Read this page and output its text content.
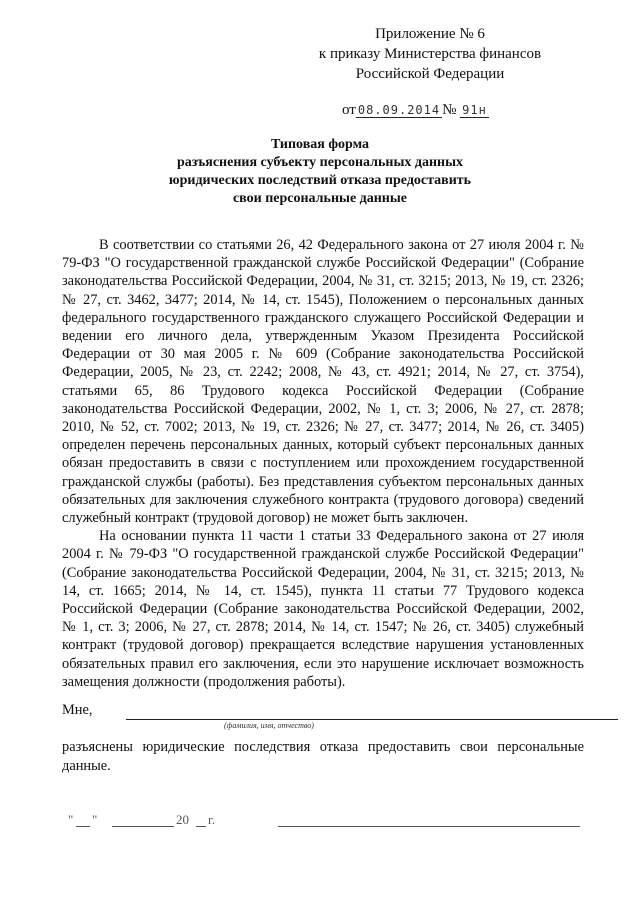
Приложение № 6
к приказу Министерства финансов
Российской Федерации
от 08.09.2014 № 91н
Типовая форма
разъяснения субъекту персональных данных
юридических последствий отказа предоставить
свои персональные данные

В соответствии со статьями 26, 42 Федерального закона от 27 июля 2004 г. № 79-ФЗ "О государственной гражданской службе Российской Федерации" (Собрание законодательства Российской Федерации, 2004, № 31, ст. 3215; 2013, № 19, ст. 2326; № 27, ст. 3462, 3477; 2014, № 14, ст. 1545), Положением о персональных данных федерального государственного гражданского служащего Российской Федерации и ведении его личного дела, утвержденным Указом Президента Российской Федерации от 30 мая 2005 г. № 609 (Собрание законодательства Российской Федерации, 2005, № 23, ст. 2242; 2008, № 43, ст. 4921; 2014, № 27, ст. 3754), статьями 65, 86 Трудового кодекса Российской Федерации (Собрание законодательства Российской Федерации, 2002, № 1, ст. 3; 2006, № 27, ст. 2878; 2010, № 52, ст. 7002; 2013, № 19, ст. 2326; № 27, ст. 3477; 2014, № 26, ст. 3405) определен перечень персональных данных, который субъект персональных данных обязан предоставить в связи с поступлением или прохождением государственной гражданской службы (работы). Без представления субъектом персональных данных обязательных для заключения служебного контракта (трудового договора) сведений служебный контракт (трудовой договор) не может быть заключен.

На основании пункта 11 части 1 статьи 33 Федерального закона от 27 июля 2004 г. № 79-ФЗ "О государственной гражданской службе Российской Федерации" (Собрание законодательства Российской Федерации, 2004, № 31, ст. 3215; 2013, № 14, ст. 1665; 2014, № 14, ст. 1545), пункта 11 статьи 77 Трудового кодекса Российской Федерации (Собрание законодательства Российской Федерации, 2002, № 1, ст. 3; 2006, № 27, ст. 2878; 2014, № 14, ст. 1547; № 26, ст. 3405) служебный контракт (трудовой договор) прекращается вследствие нарушения установленных обязательных правил его заключения, если это нарушение исключает возможность замещения должности (продолжения работы).

Мне,
(фамилия, имя, отчество)
разъяснены юридические последствия отказа предоставить свои персональные данные.
" "	20 г.
